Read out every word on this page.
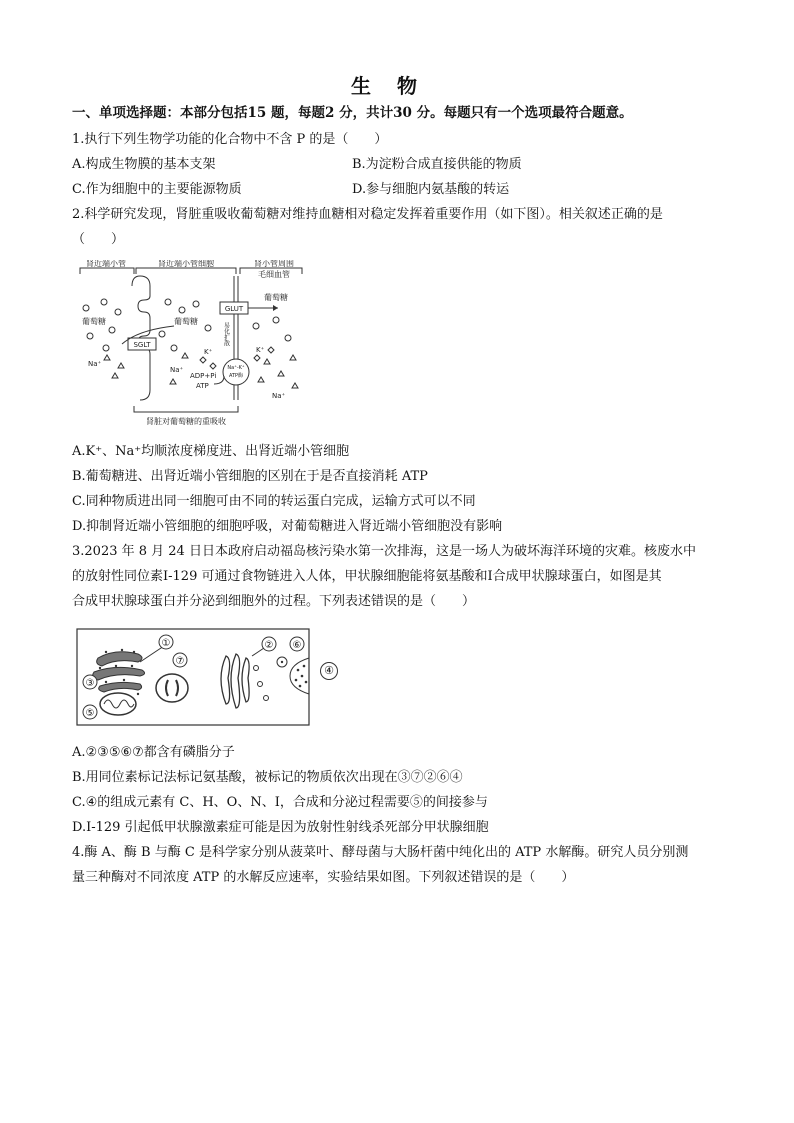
生物
一、单项选择题：本部分包括15 题，每题2 分，共计30 分。每题只有一个选项最符合题意。
1.执行下列生物学功能的化合物中不含 P 的是（　　）
A.构成生物膜的基本支架	B.为淀粉合成直接供能的物质
C.作为细胞中的主要能源物质	D.参与细胞内氨基酸的转运
2.科学研究发现，肾脏重吸收葡萄糖对维持血糖相对稳定发挥着重要作用（如下图）。相关叙述正确的是
（　　）
肾近端小管	肾近端小管细胞	肾小管周围
毛细血管
GLUT
葡萄糖
易化扩散
SGLT
葡萄糖	葡萄糖
Na⁺-K⁺
ATP酶
ADP+Pi
ATP
K⁺	K⁺
Na⁺
Na⁺
Na⁺
肾脏对葡萄糖的重吸收
A.K⁺、Na⁺均顺浓度梯度进、出肾近端小管细胞
B.葡萄糖进、出肾近端小管细胞的区别在于是否直接消耗 ATP
C.同种物质进出同一细胞可由不同的转运蛋白完成，运输方式可以不同
D.抑制肾近端小管细胞的细胞呼吸，对葡萄糖进入肾近端小管细胞没有影响
3.2023 年 8 月 24 日日本政府启动福岛核污染水第一次排海，这是一场人为破坏海洋环境的灾难。核废水中
的放射性同位素Ⅰ-129 可通过食物链进入人体，甲状腺细胞能将氨基酸和Ⅰ合成甲状腺球蛋白，如图是其
合成甲状腺球蛋白并分泌到细胞外的过程。下列表述错误的是（　　）
①
③
⑤
⑦
② ⑥
④
A.②③⑤⑥⑦都含有磷脂分子
B.用同位素标记法标记氨基酸，被标记的物质依次出现在③⑦②⑥④
C.④的组成元素有 C、H、O、N、I，合成和分泌过程需要⑤的间接参与
D.Ⅰ-129 引起低甲状腺激素症可能是因为放射性射线杀死部分甲状腺细胞
4.酶 A、酶 B 与酶 C 是科学家分别从菠菜叶、酵母菌与大肠杆菌中纯化出的 ATP 水解酶。研究人员分别测
量三种酶对不同浓度 ATP 的水解反应速率，实验结果如图。下列叙述错误的是（　　）
